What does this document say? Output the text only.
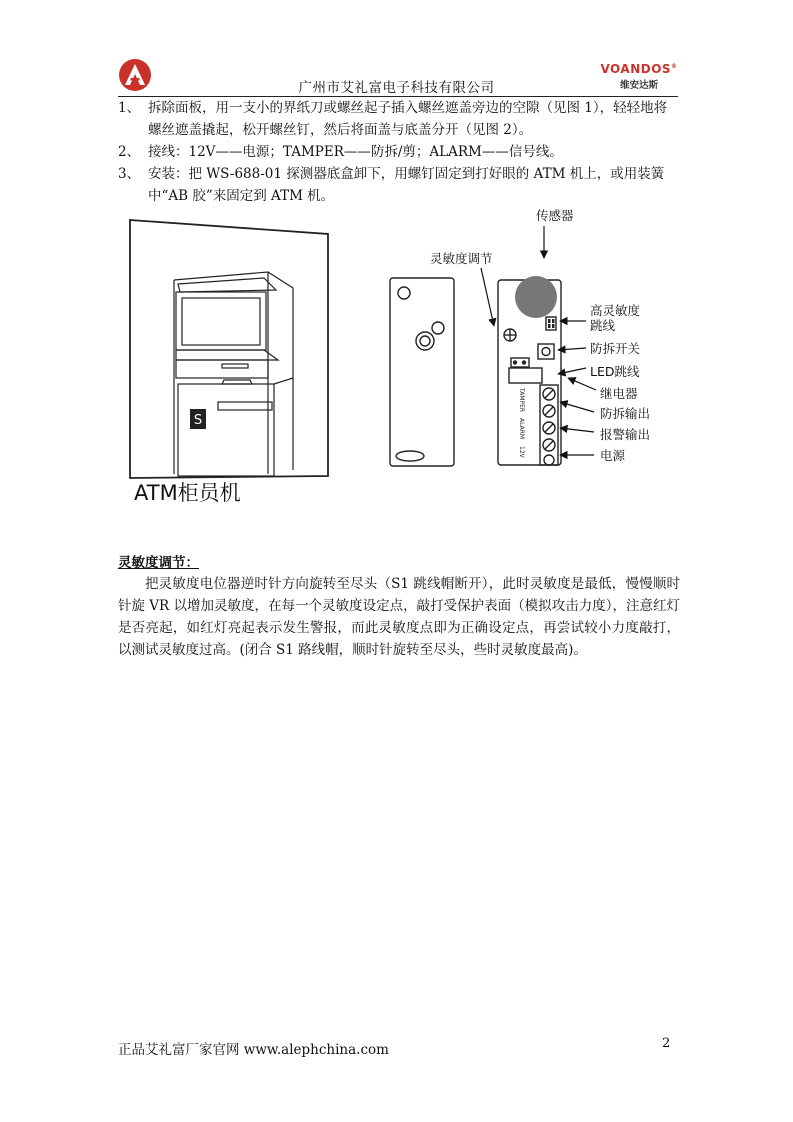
广州市艾礼富电子科技有限公司
VOANDOS®
维安达斯
1、 拆除面板，用一支小的界纸刀或螺丝起子插入螺丝遮盖旁边的空隙（见图 1），轻轻地将螺丝遮盖撬起，松开螺丝钉，然后将面盖与底盖分开（见图 2）。
2、 接线：12V——电源；TAMPER——防拆/剪；ALARM——信号线。
3、 安装：把 WS-688-01 探测器底盒卸下，用螺钉固定到打好眼的 ATM 机上，或用装簧中“AB 胶”来固定到 ATM 机。
S
ATM柜员机
TAMPER
ALARM
12V
传感器
灵敏度调节
高灵敏度
跳线
防拆开关
LED跳线
继电器
防拆输出
报警输出
电源
灵敏度调节：
把灵敏度电位器逆时针方向旋转至尽头（S1 跳线帽断开），此时灵敏度是最低，慢慢顺时针旋 VR 以增加灵敏度，在每一个灵敏度设定点，敲打受保护表面（模拟攻击力度），注意红灯是否亮起，如红灯亮起表示发生警报，而此灵敏度点即为正确设定点，再尝试较小力度敲打，以测试灵敏度过高。(闭合 S1 路线帽，顺时针旋转至尽头，些时灵敏度最高)。
正品艾礼富厂家官网 www.alephchina.com	2
